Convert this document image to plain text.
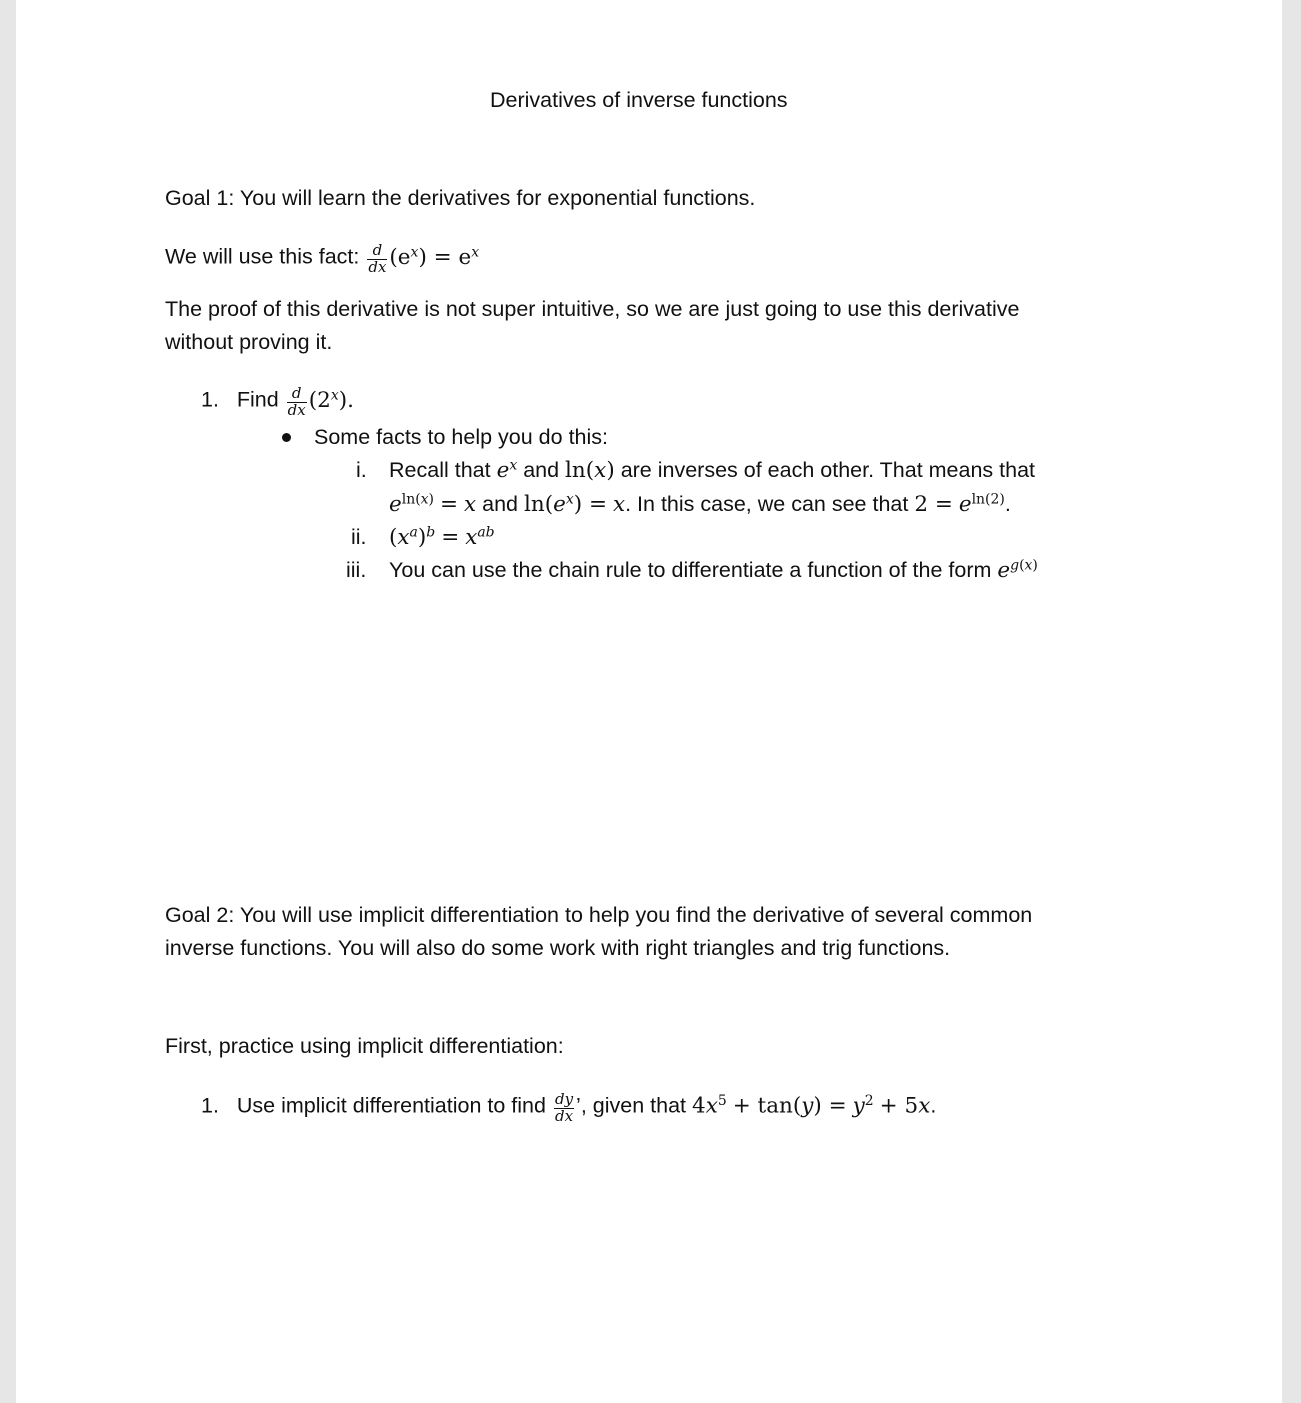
Derivatives of inverse functions
Goal 1: You will learn the derivatives for exponential functions.
We will use this fact: $\frac{d}{dx} (e^x) = e^x$
The proof of this derivative is not super intuitive, so we are just going to use this derivative
without proving it.
1. Find $\frac{d}{dx} (2^x)$.
Some facts to help you do this:
i. Recall that $e^x$ and ln(x) are inverses of each other. That means that
$e^{ln(x)} = x$ and $\ln(e^x) = x$. In this case, we can see that $2 = e^{ln(2)}$.
ii. $(x^a)^b = x^{ab}$
iii. You can use the chain rule to differentiate a function of the form $e^{g(x)}$
Goal 2: You will use implicit differentiation to help you find the derivative of several common
inverse functions. You will also do some work with right triangles and trig functions.
First, practice using implicit differentiation:
1. Use implicit differentiation to find $\frac{dy}{dx}$ ’, given that $4x^5 + \tan(y) = y^2 + 5x$.
